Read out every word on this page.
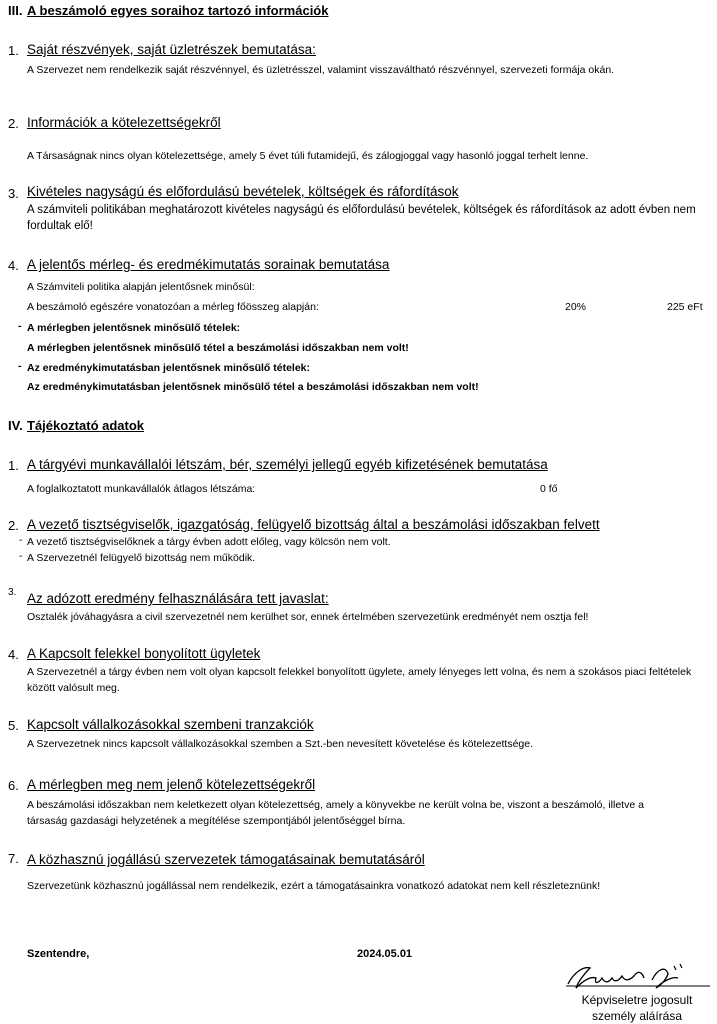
III. A beszámoló egyes soraihoz tartozó információk
1. Saját részvények, saját üzletrészek bemutatása:
A Szervezet nem rendelkezik saját részvénnyel, és üzletrésszel, valamint visszaváltható részvénnyel, szervezeti formája okán.
2. Információk a kötelezettségekről
A Társaságnak nincs olyan kötelezettsége, amely 5 évet túli futamidejű, és zálogjoggal vagy hasonló joggal terhelt lenne.
3. Kivételes nagyságú és előfordulású bevételek, költségek és ráfordítások
A számviteli politikában meghatározott kivételes nagyságú és előfordulású bevételek, költségek és ráfordítások az adott évben nem fordultak elő!
4. A jelentős mérleg- és eredmékimutatás sorainak bemutatása
A Számviteli politika alapján jelentősnek minősül:
A beszámoló egészére vonatozóan a mérleg főösszeg alapján:	20%	225 eFt
- A mérlegben jelentősnek minősülő tételek:
A mérlegben jelentősnek minősülő tétel a beszámolási időszakban nem volt!
- Az eredménykimutatásban jelentősnek minősülő tételek:
Az eredménykimutatásban jelentősnek minősülő tétel a beszámolási időszakban nem volt!
IV. Tájékoztató adatok
1. A tárgyévi munkavállalói létszám, bér, személyi jellegű egyéb kifizetésének bemutatása
A foglalkoztatott munkavállalók átlagos létszáma:	0 fő
2. A vezető tisztségviselők, igazgatóság, felügyelő bizottság által a beszámolási időszakban felvett
- A vezető tisztségviselőknek a tárgy évben adott előleg, vagy kölcsön nem volt.
- A Szervezetnél felügyelő bizottság nem működik.
3. Az adózott eredmény felhasználására tett javaslat:
Osztalék jóváhagyásra a civil szervezetnél nem kerülhet sor, ennek értelmében szervezetünk eredményét nem osztja fel!
4. A Kapcsolt felekkel bonyolított ügyletek
A Szervezetnél a tárgy évben nem volt olyan kapcsolt felekkel bonyolított ügylete, amely lényeges lett volna, és nem a szokásos piaci feltételek között valósult meg.
5. Kapcsolt vállalkozásokkal szembeni tranzakciók
A Szervezetnek nincs kapcsolt vállalkozásokkal szemben a Szt.-ben nevesített követelése és kötelezettsége.
6. A mérlegben meg nem jelenő kötelezettségekről
A beszámolási időszakban nem keletkezett olyan kötelezettség, amely a könyvekbe ne került volna be, viszont a beszámoló, illetve a társaság gazdasági helyzetének a megítélése szempontjából jelentőséggel bírna.
7. A közhasznú jogállású szervezetek támogatásainak bemutatásáról
Szervezetünk közhasznú jogállással nem rendelkezik, ezért a támogatásainkra vonatkozó adatokat nem kell részleteznünk!
Szentendre,	2024.05.01
Képviseletre jogosult személy aláírása
